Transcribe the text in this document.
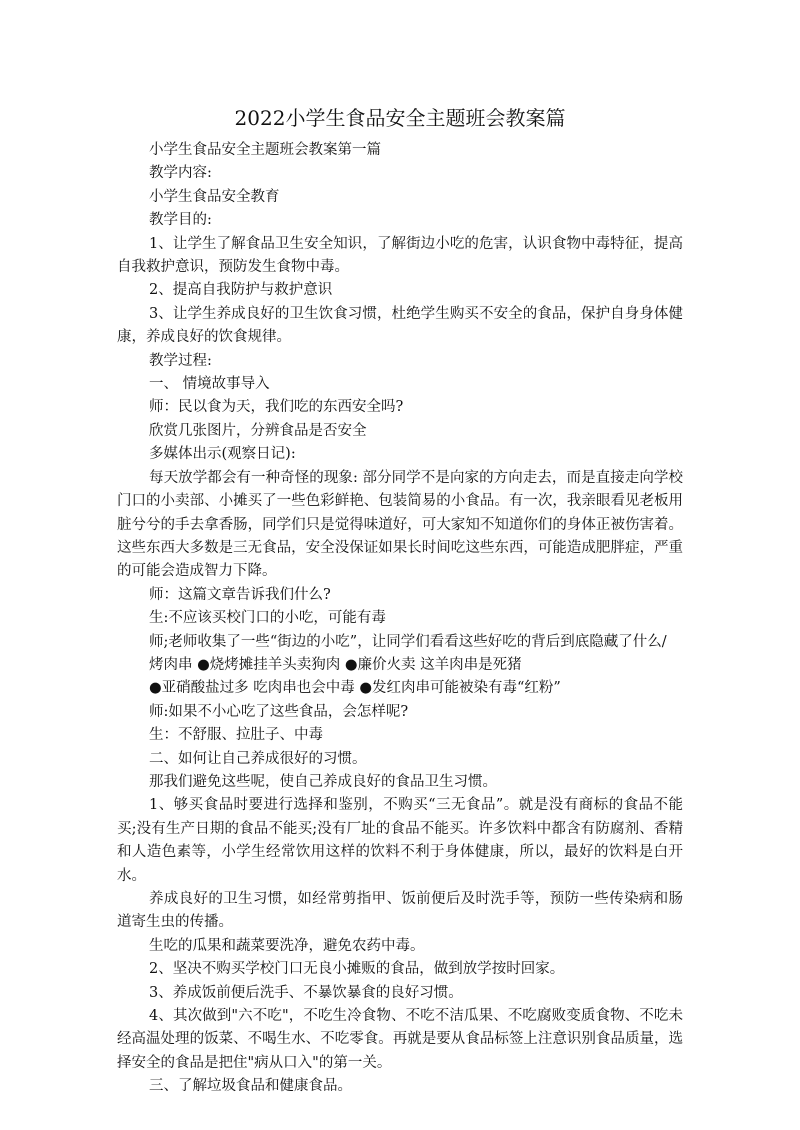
2022小学生食品安全主题班会教案篇

小学生食品安全主题班会教案第一篇

教学内容:

小学生食品安全教育

教学目的:

1、让学生了解食品卫生安全知识，了解街边小吃的危害，认识食物中毒特征，提高自我救护意识，预防发生食物中毒。

2、提高自我防护与救护意识

3、让学生养成良好的卫生饮食习惯，杜绝学生购买不安全的食品，保护自身身体健康，养成良好的饮食规律。

教学过程:

一、 情境故事导入

师：民以食为天，我们吃的东西安全吗?

欣赏几张图片，分辨食品是否安全

多媒体出示(观察日记):

每天放学都会有一种奇怪的现象: 部分同学不是向家的方向走去，而是直接走向学校门口的小卖部、小摊买了一些色彩鲜艳、包装简易的小食品。有一次，我亲眼看见老板用脏兮兮的手去拿香肠，同学们只是觉得味道好，可大家知不知道你们的身体正被伤害着。 这些东西大多数是三无食品，安全没保证如果长时间吃这些东西，可能造成肥胖症，严重的可能会造成智力下降。

师：这篇文章告诉我们什么?

生:不应该买校门口的小吃，可能有毒

师;老师收集了一些“街边的小吃”，让同学们看看这些好吃的背后到底隐藏了什么/

烤肉串 ●烧烤摊挂羊头卖狗肉 ●廉价火卖 这羊肉串是死猪

●亚硝酸盐过多 吃肉串也会中毒 ●发红肉串可能被染有毒“红粉”

师:如果不小心吃了这些食品，会怎样呢?

生：不舒服、拉肚子、中毒

二、如何让自己养成很好的习惯。

那我们避免这些呢，使自己养成良好的食品卫生习惯。

1、够买食品时要进行选择和鉴别，不购买“三无食品”。就是没有商标的食品不能买;没有生产日期的食品不能买;没有厂址的食品不能买。许多饮料中都含有防腐剂、香精和人造色素等，小学生经常饮用这样的饮料不利于身体健康，所以，最好的饮料是白开水。

养成良好的卫生习惯，如经常剪指甲、饭前便后及时洗手等，预防一些传染病和肠道寄生虫的传播。

生吃的瓜果和蔬菜要洗净，避免农药中毒。

2、坚决不购买学校门口无良小摊贩的食品，做到放学按时回家。

3、养成饭前便后洗手、不暴饮暴食的良好习惯。

4、其次做到"六不吃"，不吃生冷食物、不吃不洁瓜果、不吃腐败变质食物、不吃未经高温处理的饭菜、不喝生水、不吃零食。再就是要从食品标签上注意识别食品质量，选择安全的食品是把住"病从口入"的第一关。

三、了解垃圾食品和健康食品。
